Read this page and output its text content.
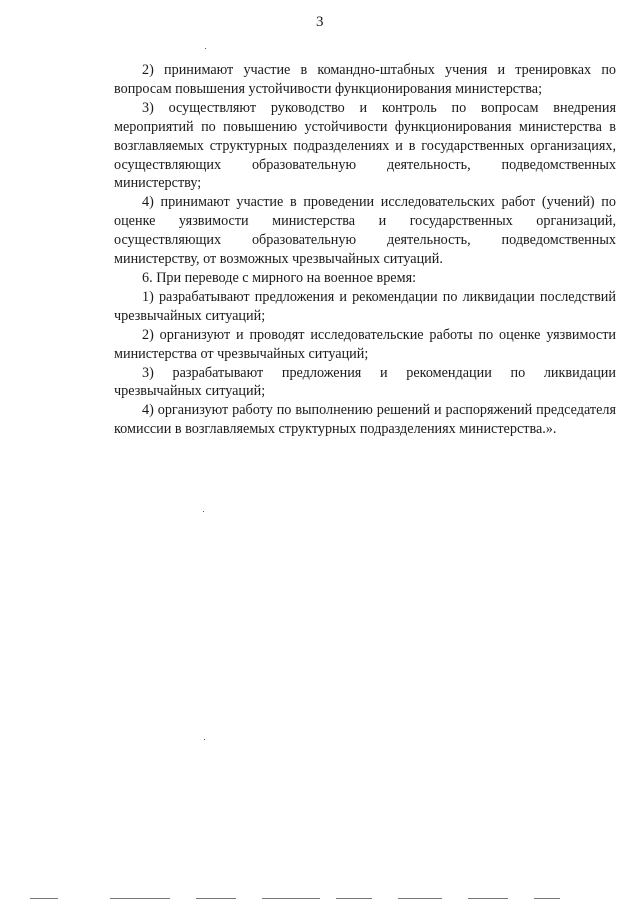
3

2) принимают участие в командно-штабных учения и тренировках по вопросам повышения устойчивости функционирования министерства;

3) осуществляют руководство и контроль по вопросам внедрения мероприятий по повышению устойчивости функционирования министерства в возглавляемых структурных подразделениях и в государственных организациях, осуществляющих образовательную деятельность, подведомственных министерству;

4) принимают участие в проведении исследовательских работ (учений) по оценке уязвимости министерства и государственных организаций, осуществляющих образовательную деятельность, подведомственных министерству, от возможных чрезвычайных ситуаций.

6. При переводе с мирного на военное время:

1) разрабатывают предложения и рекомендации по ликвидации последствий чрезвычайных ситуаций;

2) организуют и проводят исследовательские работы по оценке уязвимости министерства от чрезвычайных ситуаций;

3) разрабатывают предложения и рекомендации по ликвидации чрезвычайных ситуаций;

4) организуют работу по выполнению решений и распоряжений председателя комиссии в возглавляемых структурных подразделениях министерства.».
